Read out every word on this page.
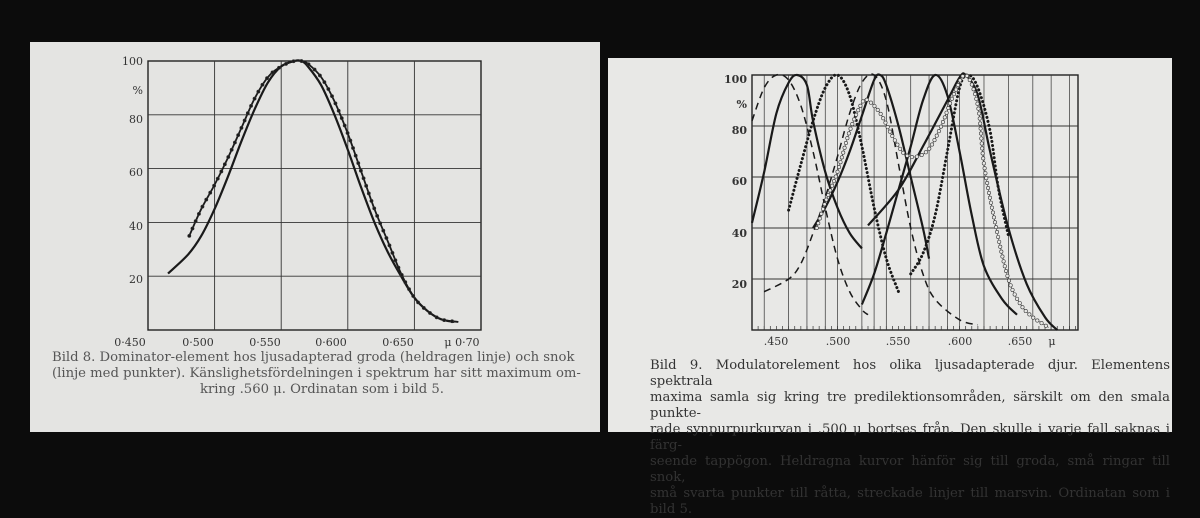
0·450	0·500	0·550	0·600	0·650	μ 0·70
100
%
80
60
40
20
.450	.500	.550	.600	.650 μ
100
%
80
60
40
20
Bild 8. Dominator-element hos ljusadapterad groda (heldragen linje) och snok
(linje med punkter). Känslighetsfördelningen i spektrum har sitt maximum om-
kring .560 μ. Ordinatan som i bild 5.
Bild 9. Modulatorelement hos olika ljusadapterade djur. Elementens spektrala
maxima samla sig kring tre predilektionsområden, särskilt om den smala punkte-
rade synpurpurkurvan i .500 μ bortses från. Den skulle i varje fall saknas i färg-
seende tappögon. Heldragna kurvor hänför sig till groda, små ringar till snok,
små svarta punkter till råtta, streckade linjer till marsvin. Ordinatan som i bild 5.
